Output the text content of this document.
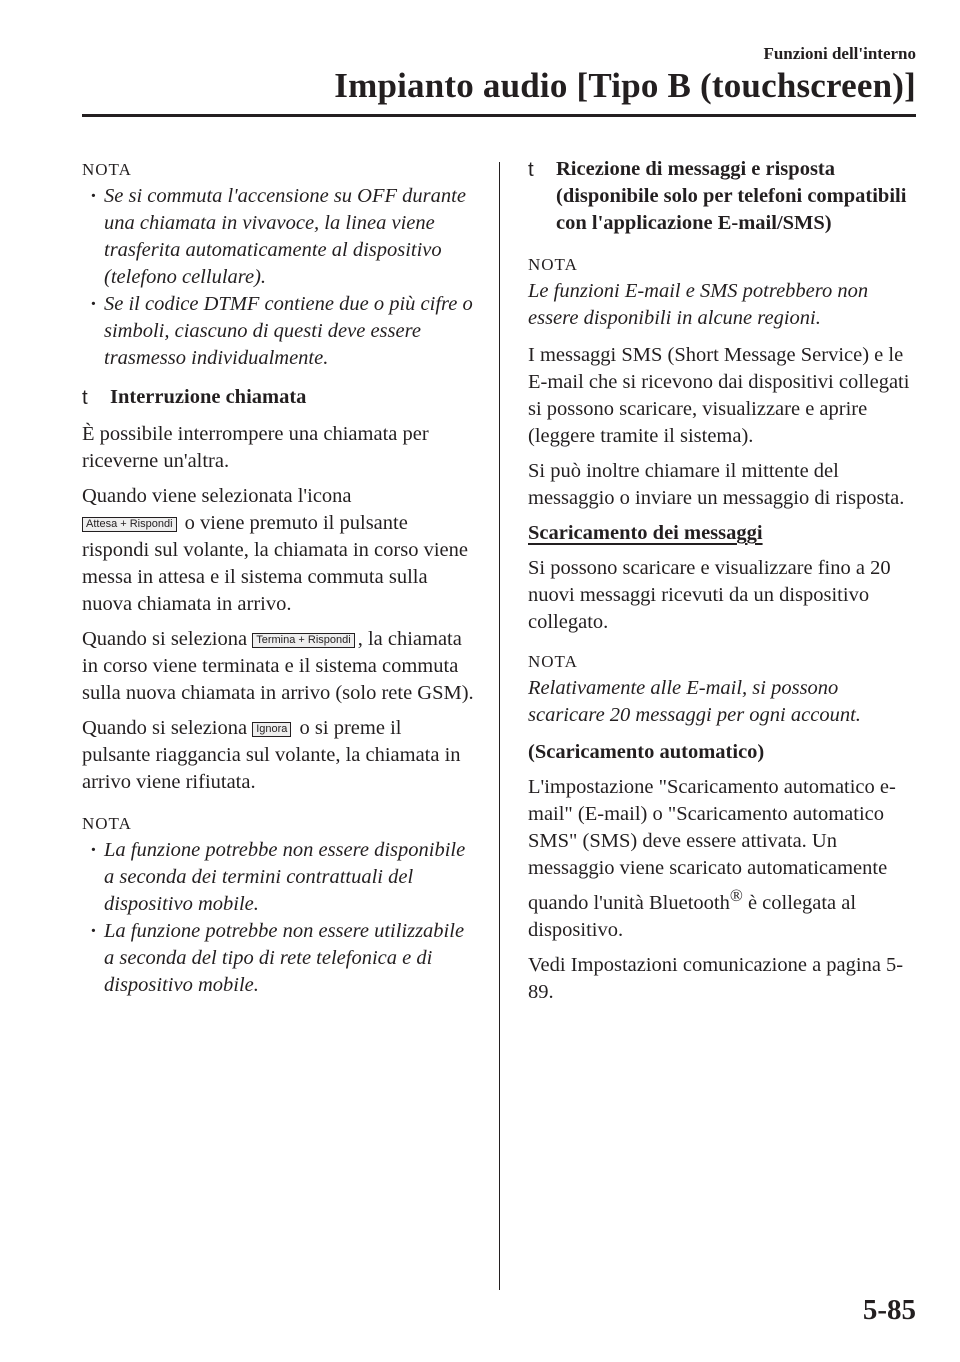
Funzioni dell'interno
Impianto audio [Tipo B (touchscreen)]
NOTA
· Se si commuta l'accensione su OFF durante una chiamata in vivavoce, la linea viene trasferita automaticamente al dispositivo (telefono cellulare).
· Se il codice DTMF contiene due o più cifre o simboli, ciascuno di questi deve essere trasmesso individualmente.
t Interruzione chiamata

È possibile interrompere una chiamata per riceverne un'altra.

Quando viene selezionata l'icona
Attesa + Rispondi o viene premuto il pulsante rispondi sul volante, la chiamata in corso viene messa in attesa e il sistema commuta sulla nuova chiamata in arrivo.

Quando si seleziona Termina + Rispondi , la chiamata in corso viene terminata e il sistema commuta sulla nuova chiamata in arrivo (solo rete GSM).

Quando si seleziona Ignora o si preme il pulsante riaggancia sul volante, la chiamata in arrivo viene rifiutata.

NOTA
· La funzione potrebbe non essere disponibile a seconda dei termini contrattuali del dispositivo mobile.
· La funzione potrebbe non essere utilizzabile a seconda del tipo di rete telefonica e di dispositivo mobile.
t Ricezione di messaggi e risposta (disponibile solo per telefoni compatibili con l'applicazione E-mail/SMS)
NOTA

Le funzioni E-mail e SMS potrebbero non essere disponibili in alcune regioni.

I messaggi SMS (Short Message Service) e le E-mail che si ricevono dai dispositivi collegati si possono scaricare, visualizzare e aprire (leggere tramite il sistema).

Si può inoltre chiamare il mittente del messaggio o inviare un messaggio di risposta.

Scaricamento dei messaggi

Si possono scaricare e visualizzare fino a 20 nuovi messaggi ricevuti da un dispositivo collegato.

NOTA

Relativamente alle E-mail, si possono scaricare 20 messaggi per ogni account.

(Scaricamento automatico)

L'impostazione "Scaricamento automatico e-mail" (E-mail) o "Scaricamento automatico SMS" (SMS) deve essere attivata. Un messaggio viene scaricato automaticamente quando l'unità Bluetooth® è collegata al dispositivo.

Vedi Impostazioni comunicazione a pagina 5-89.

5-85
